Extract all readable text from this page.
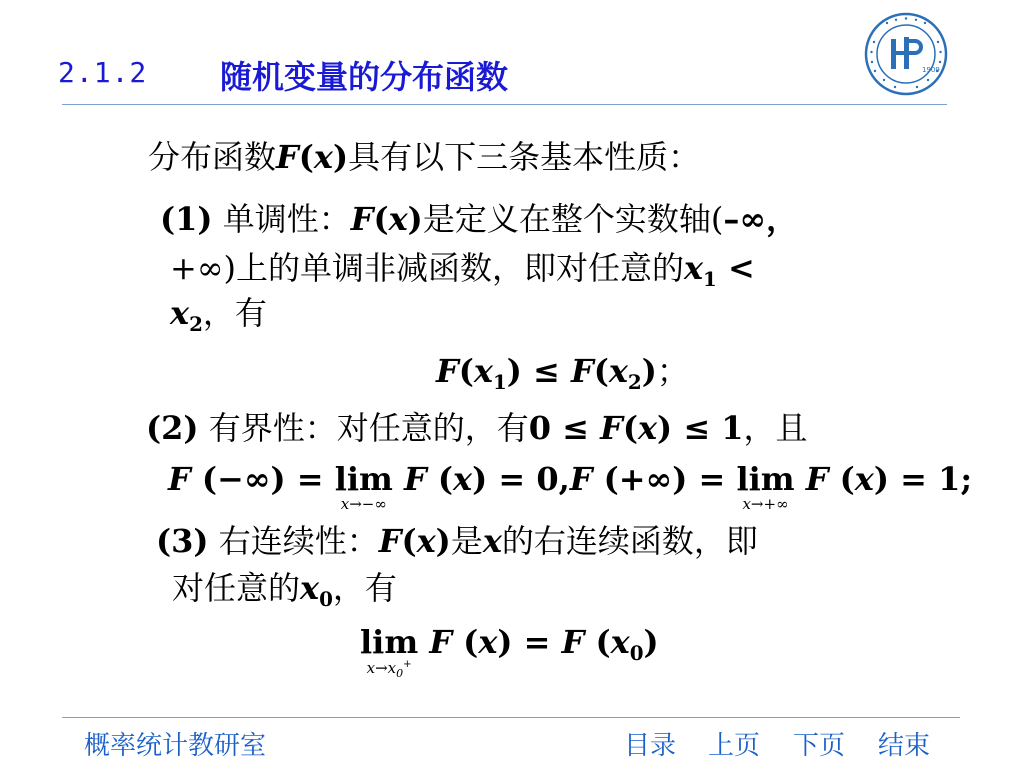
2.1.2 随机变量的分布函数	1909
分布函数F(x)具有以下三条基本性质：
(1) 单调性：F(x)是定义在整个实数轴(–∞，
+∞)上的单调非减函数，即对任意的$x_1$ <
$x_2$，有
$F(x_1) \le F(x_2)$；
(2) 有界性：对任意的，有0 ≤ F(x) ≤ 1，且
F (−∞) = lim
x→−∞
F (x) = 0,F (+∞) = lim
x→+∞
F (x) = 1;
(3) 右连续性：F(x)是x的右连续函数，即
对任意的$x_0$，有
lim
$x\to x_0^+$
F (x) = F $(x_0)$
概率统计教研室	目录 上页 下页 结束
